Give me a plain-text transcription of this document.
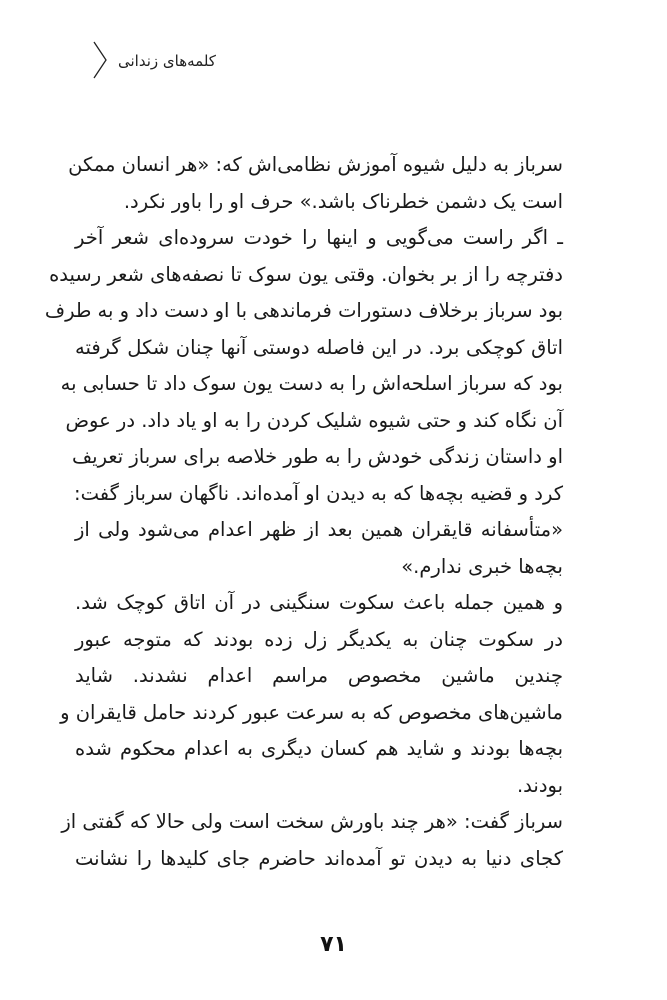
کلمه‌های زندانی

سرباز به دلیل شیوه آموزش نظامی‌اش که: «هر انسان ممکن
است یک دشمن خطرناک باشد.» حرف او را باور نکرد.

ـ اگر راست می‌گویی و اینها را خودت سروده‌ای شعر آخر
دفترچه را از بر بخوان. وقتی یون سوک تا نصفه‌های شعر رسیده
بود سرباز برخلاف دستورات فرماندهی با او دست داد و به طرف
اتاق کوچکی برد. در این فاصله دوستی آنها چنان شکل گرفته
بود که سرباز اسلحه‌اش را به دست یون سوک داد تا حسابی به
آن نگاه کند و حتی شیوه شلیک کردن را به او یاد داد. در عوض
او داستان زندگی خودش را به طور خلاصه برای سرباز تعریف
کرد و قضیه بچه‌ها که به دیدن او آمده‌اند. ناگهان سرباز گفت:
«متأسفانه قایقران همین بعد از ظهر اعدام می‌شود ولی از
بچه‌ها خبری ندارم.»

و همین جمله باعث سکوت سنگینی در آن اتاق کوچک شد.
در سکوت چنان به یکدیگر زل زده بودند که متوجه عبور
چندین ماشین مخصوص مراسم اعدام نشدند. شاید
ماشین‌های مخصوص که به سرعت عبور کردند حامل قایقران و
بچه‌ها بودند و شاید هم کسان دیگری به اعدام محکوم شده
بودند.

سرباز گفت: «هر چند باورش سخت است ولی حالا که گفتی از
کجای دنیا به دیدن تو آمده‌اند حاضرم جای کلیدها را نشانت

۷۱
